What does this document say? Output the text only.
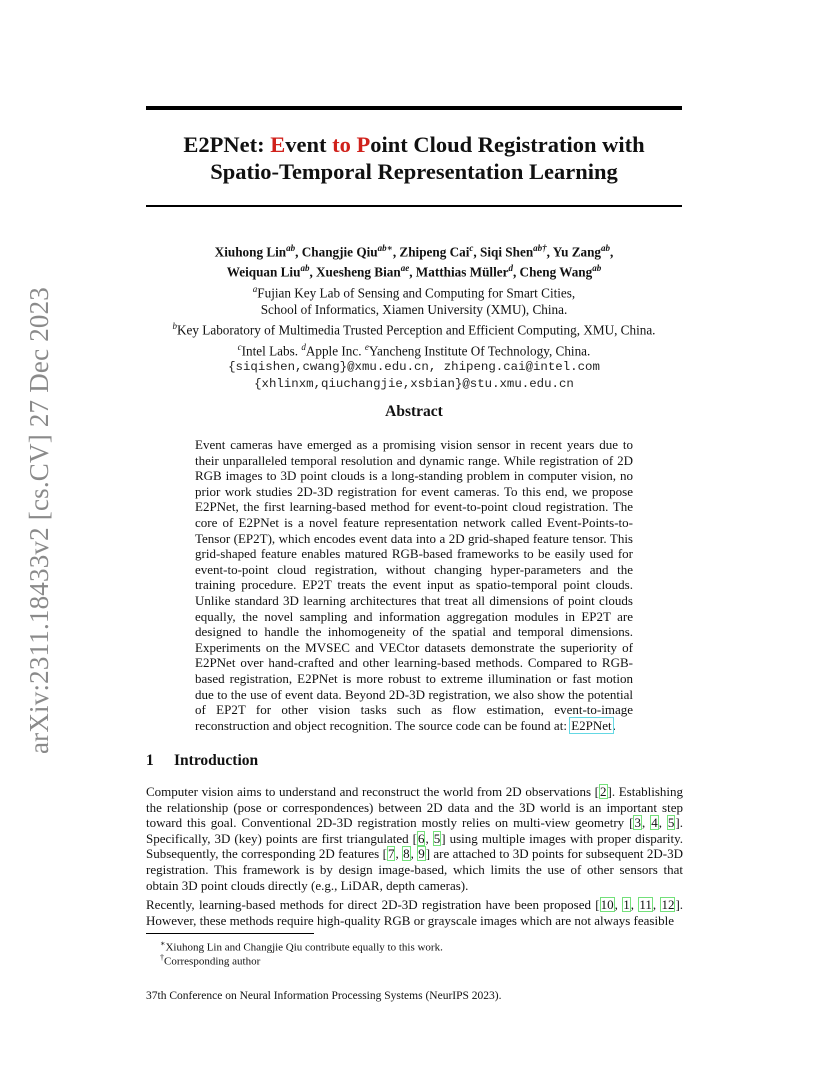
arXiv:2311.18433v2 [cs.CV] 27 Dec 2023
E2PNet: Event to Point Cloud Registration with
Spatio-Temporal Representation Learning
Xiuhong Lin$^{ab}$, Changjie Qiu$^{ab∗}$, Zhipeng Cai$^c$, Siqi Shen$^{ab\dagger}$, Yu Zang$^{ab}$,
Weiquan Liu$^{ab}$, Xuesheng Bian$^{ae}$, Matthias Müller$^d$, Cheng Wang$^{ab}$
$^a$Fujian Key Lab of Sensing and Computing for Smart Cities,
School of Informatics, Xiamen University (XMU), China.
$^b$Key Laboratory of Multimedia Trusted Perception and Efficient Computing, XMU, China.
$^c$Intel Labs. $^d$Apple Inc. $^e$Yancheng Institute Of Technology, China.
{siqishen,cwang}@xmu.edu.cn, zhipeng.cai@intel.com
{xhlinxm,qiuchangjie,xsbian}@stu.xmu.edu.cn
Abstract
Event cameras have emerged as a promising vision sensor in recent years due to their unparalleled temporal resolution and dynamic range. While registration of 2D RGB images to 3D point clouds is a long-standing problem in computer vision, no prior work studies 2D-3D registration for event cameras. To this end, we propose E2PNet, the first learning-based method for event-to-point cloud registration. The core of E2PNet is a novel feature representation network called Event-Points-to-Tensor (EP2T), which encodes event data into a 2D grid-shaped feature tensor. This grid-shaped feature enables matured RGB-based frameworks to be easily used for event-to-point cloud registration, without changing hyper-parameters and the training procedure. EP2T treats the event input as spatio-temporal point clouds. Unlike standard 3D learning architectures that treat all dimensions of point clouds equally, the novel sampling and information aggregation modules in EP2T are designed to handle the inhomogeneity of the spatial and temporal dimensions. Experiments on the MVSEC and VECtor datasets demonstrate the superiority of E2PNet over hand-crafted and other learning-based methods. Compared to RGB-based registration, E2PNet is more robust to extreme illumination or fast motion due to the use of event data. Beyond 2D-3D registration, we also show the potential of EP2T for other vision tasks such as flow estimation, event-to-image reconstruction and object recognition. The source code can be found at: E2PNet.
1 Introduction
Computer vision aims to understand and reconstruct the world from 2D observations [2]. Establishing the relationship (pose or correspondences) between 2D data and the 3D world is an important step toward this goal. Conventional 2D-3D registration mostly relies on multi-view geometry [3, 4, 5]. Specifically, 3D (key) points are first triangulated [6, 5] using multiple images with proper disparity. Subsequently, the corresponding 2D features [7, 8, 9] are attached to 3D points for subsequent 2D-3D registration. This framework is by design image-based, which limits the use of other sensors that obtain 3D point clouds directly (e.g., LiDAR, depth cameras).
Recently, learning-based methods for direct 2D-3D registration have been proposed [10, 1, 11, 12]. However, these methods require high-quality RGB or grayscale images which are not always feasible
∗Xiuhong Lin and Changjie Qiu contribute equally to this work.
†Corresponding author
37th Conference on Neural Information Processing Systems (NeurIPS 2023).
